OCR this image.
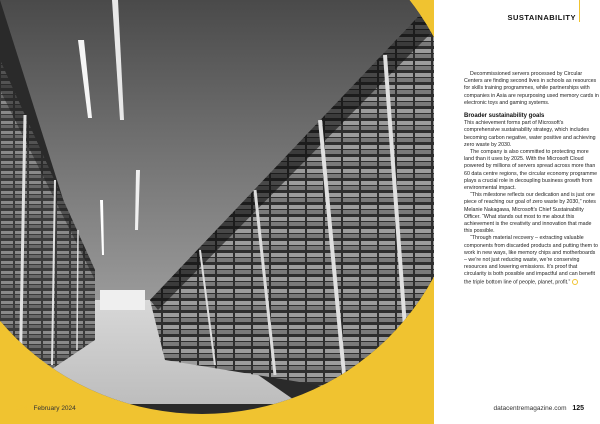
124 February 2024
SUSTAINABILITY

Decommissioned servers processed by Circular Centers are finding second lives in schools as resources for skills training programmes, while partnerships with companies in Asia are repurposing used memory cards in electronic toys and gaming systems.

Broader sustainability goals

This achievement forms part of Microsoft’s comprehensive sustainability strategy, which includes becoming carbon negative, water positive and achieving zero waste by 2030.

The company is also committed to protecting more land than it uses by 2025. With the Microsoft Cloud powered by millions of servers spread across more than 60 data centre regions, the circular economy programme plays a crucial role in decoupling business growth from environmental impact.

“This milestone reflects our dedication and is just one piece of reaching our goal of zero waste by 2030,” notes Melanie Nakagawa, Microsoft’s Chief Sustainability Officer. “What stands out most to me about this achievement is the creativity and innovation that made this possible.

“Through material recovery – extracting valuable components from discarded products and putting them to work in new ways, like memory chips and motherboards – we’re not just reducing waste, we’re conserving resources and lowering emissions. It’s proof that circularity is both possible and impactful and can benefit the triple bottom line of people, planet, profit.”

datacentremagazine.com 125
